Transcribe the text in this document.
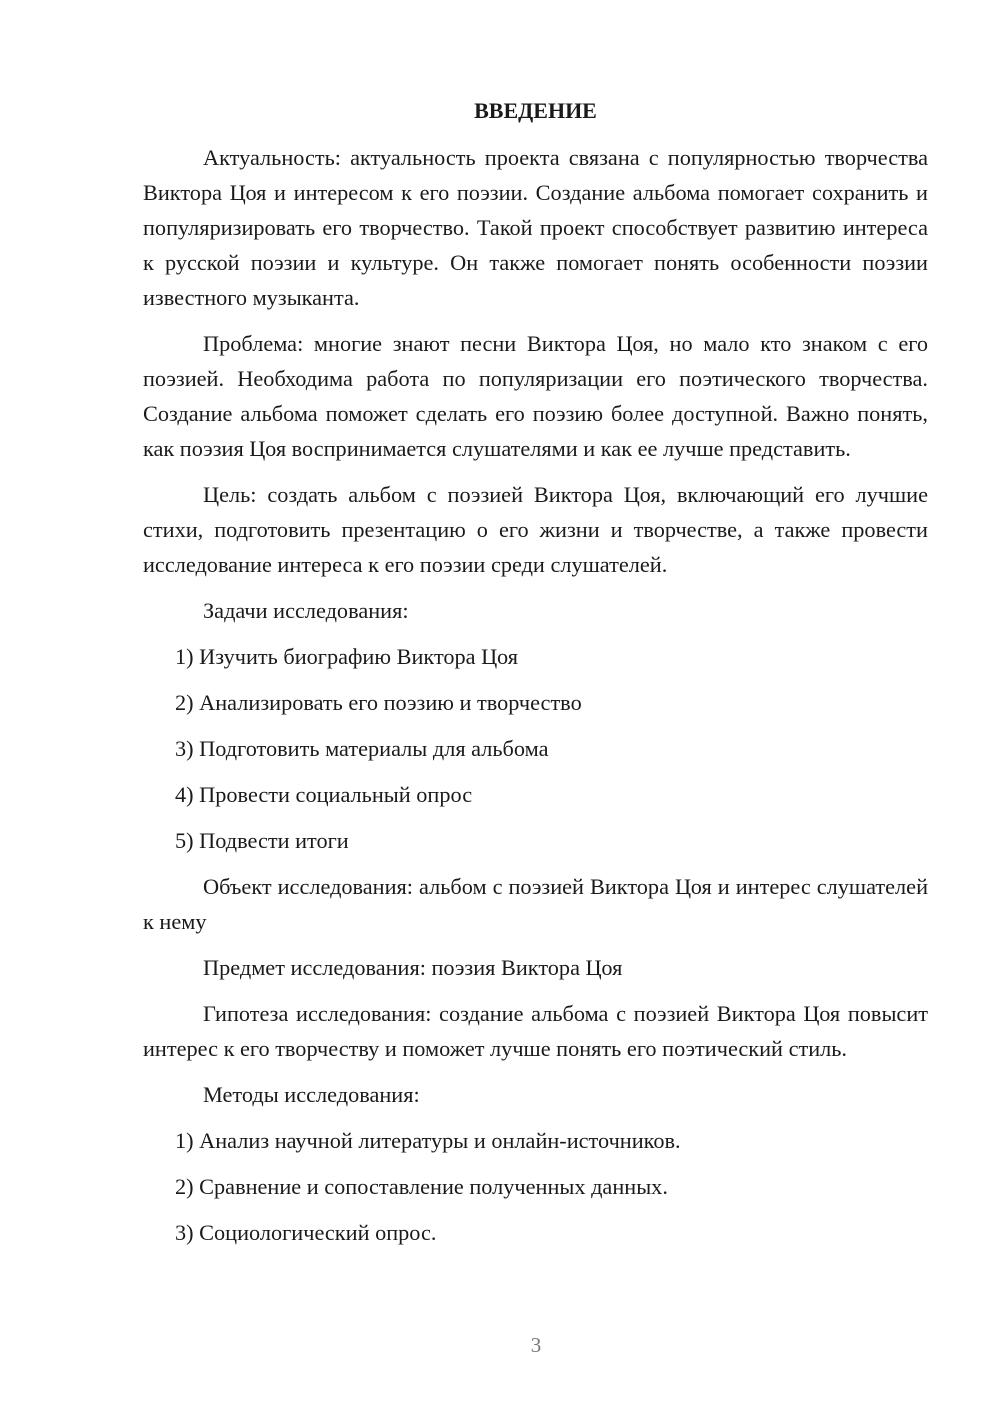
ВВЕДЕНИЕ

Актуальность: актуальность проекта связана с популярностью творчества Виктора Цоя и интересом к его поэзии. Создание альбома помогает сохранить и популяризировать его творчество. Такой проект способствует развитию интереса к русской поэзии и культуре. Он также помогает понять особенности поэзии известного музыканта.

Проблема: многие знают песни Виктора Цоя, но мало кто знаком с его поэзией. Необходима работа по популяризации его поэтического творчества. Создание альбома поможет сделать его поэзию более доступной. Важно понять, как поэзия Цоя воспринимается слушателями и как ее лучше представить.

Цель: создать альбом с поэзией Виктора Цоя, включающий его лучшие стихи, подготовить презентацию о его жизни и творчестве, а также провести исследование интереса к его поэзии среди слушателей.

Задачи исследования:

1) Изучить биографию Виктора Цоя

2) Анализировать его поэзию и творчество

3) Подготовить материалы для альбома

4) Провести социальный опрос

5) Подвести итоги

Объект исследования: альбом с поэзией Виктора Цоя и интерес слушателей к нему

Предмет исследования: поэзия Виктора Цоя

Гипотеза исследования: создание альбома с поэзией Виктора Цоя повысит интерес к его творчеству и поможет лучше понять его поэтический стиль.

Методы исследования:

1) Анализ научной литературы и онлайн-источников.

2) Сравнение и сопоставление полученных данных.

3) Социологический опрос.

3
